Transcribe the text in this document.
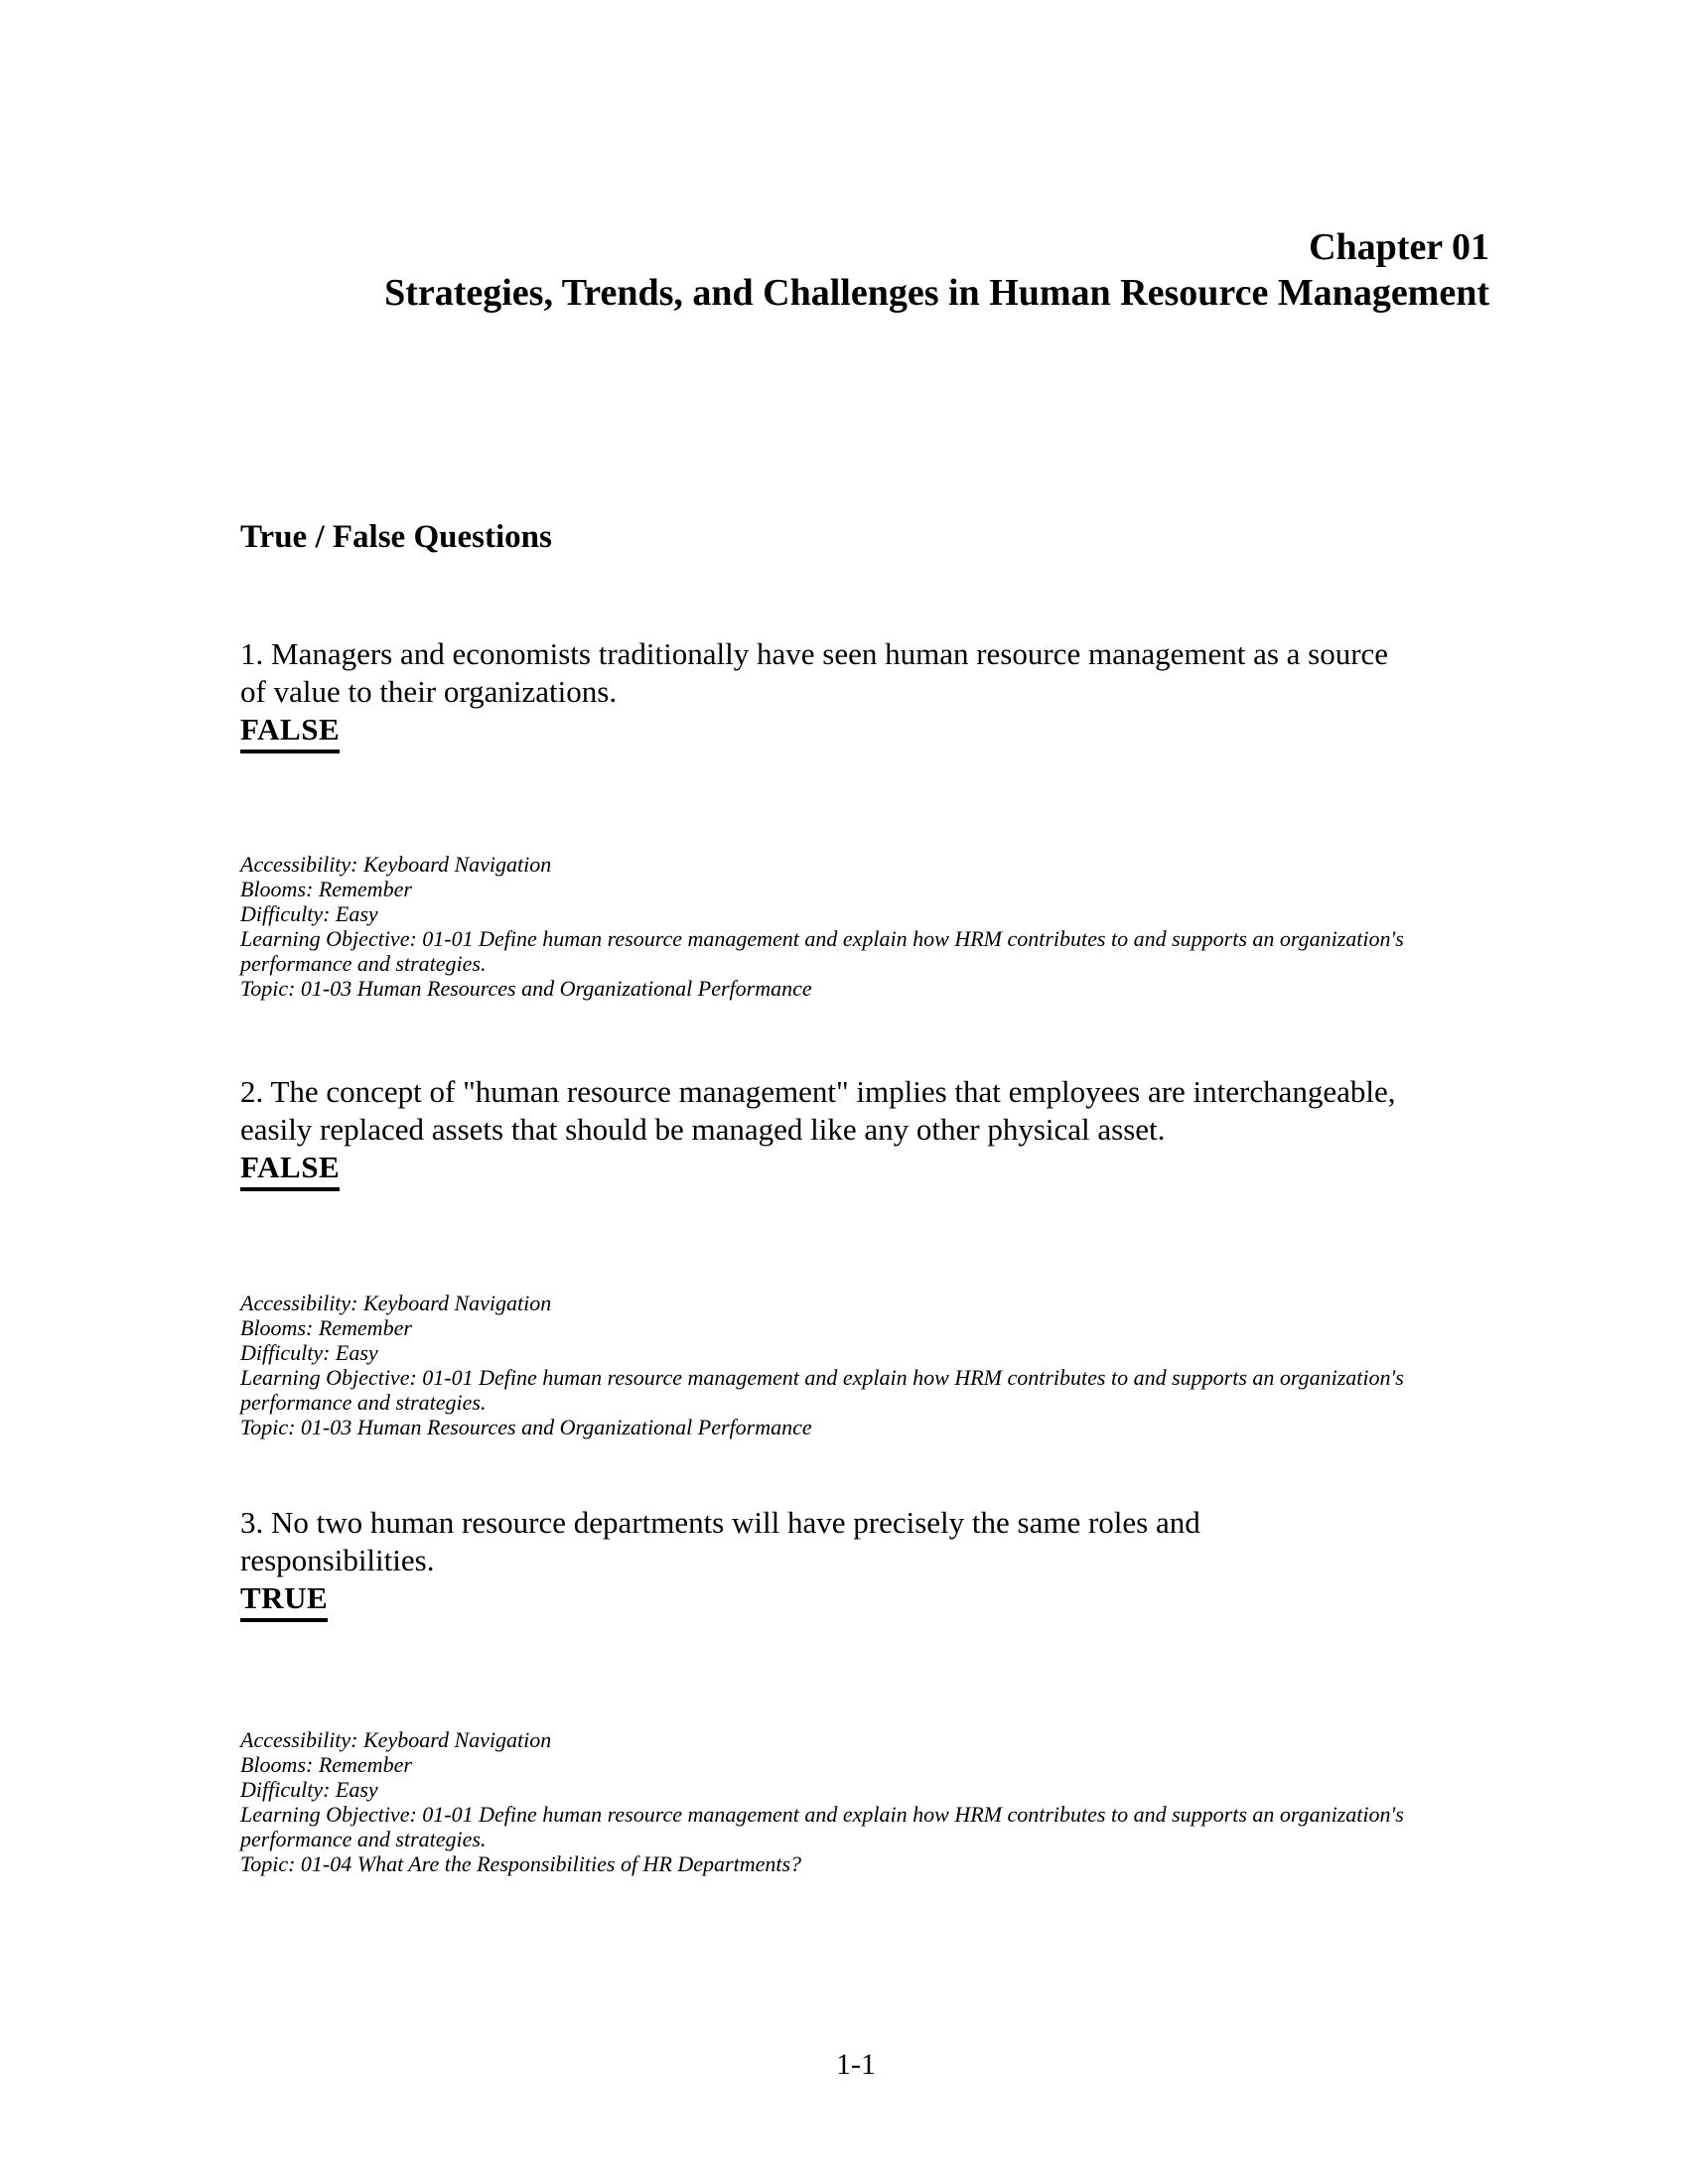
Chapter 01
Strategies, Trends, and Challenges in Human Resource Management
True / False Questions
1. Managers and economists traditionally have seen human resource management as a source
of value to their organizations.
FALSE
Accessibility: Keyboard Navigation
Blooms: Remember
Difficulty: Easy
Learning Objective: 01-01 Define human resource management and explain how HRM contributes to and supports an organization's
performance and strategies.
Topic: 01-03 Human Resources and Organizational Performance
2. The concept of "human resource management" implies that employees are interchangeable,
easily replaced assets that should be managed like any other physical asset.
FALSE
Accessibility: Keyboard Navigation
Blooms: Remember
Difficulty: Easy
Learning Objective: 01-01 Define human resource management and explain how HRM contributes to and supports an organization's
performance and strategies.
Topic: 01-03 Human Resources and Organizational Performance
3. No two human resource departments will have precisely the same roles and
responsibilities.
TRUE
Accessibility: Keyboard Navigation
Blooms: Remember
Difficulty: Easy
Learning Objective: 01-01 Define human resource management and explain how HRM contributes to and supports an organization's
performance and strategies.
Topic: 01-04 What Are the Responsibilities of HR Departments?
1-1
